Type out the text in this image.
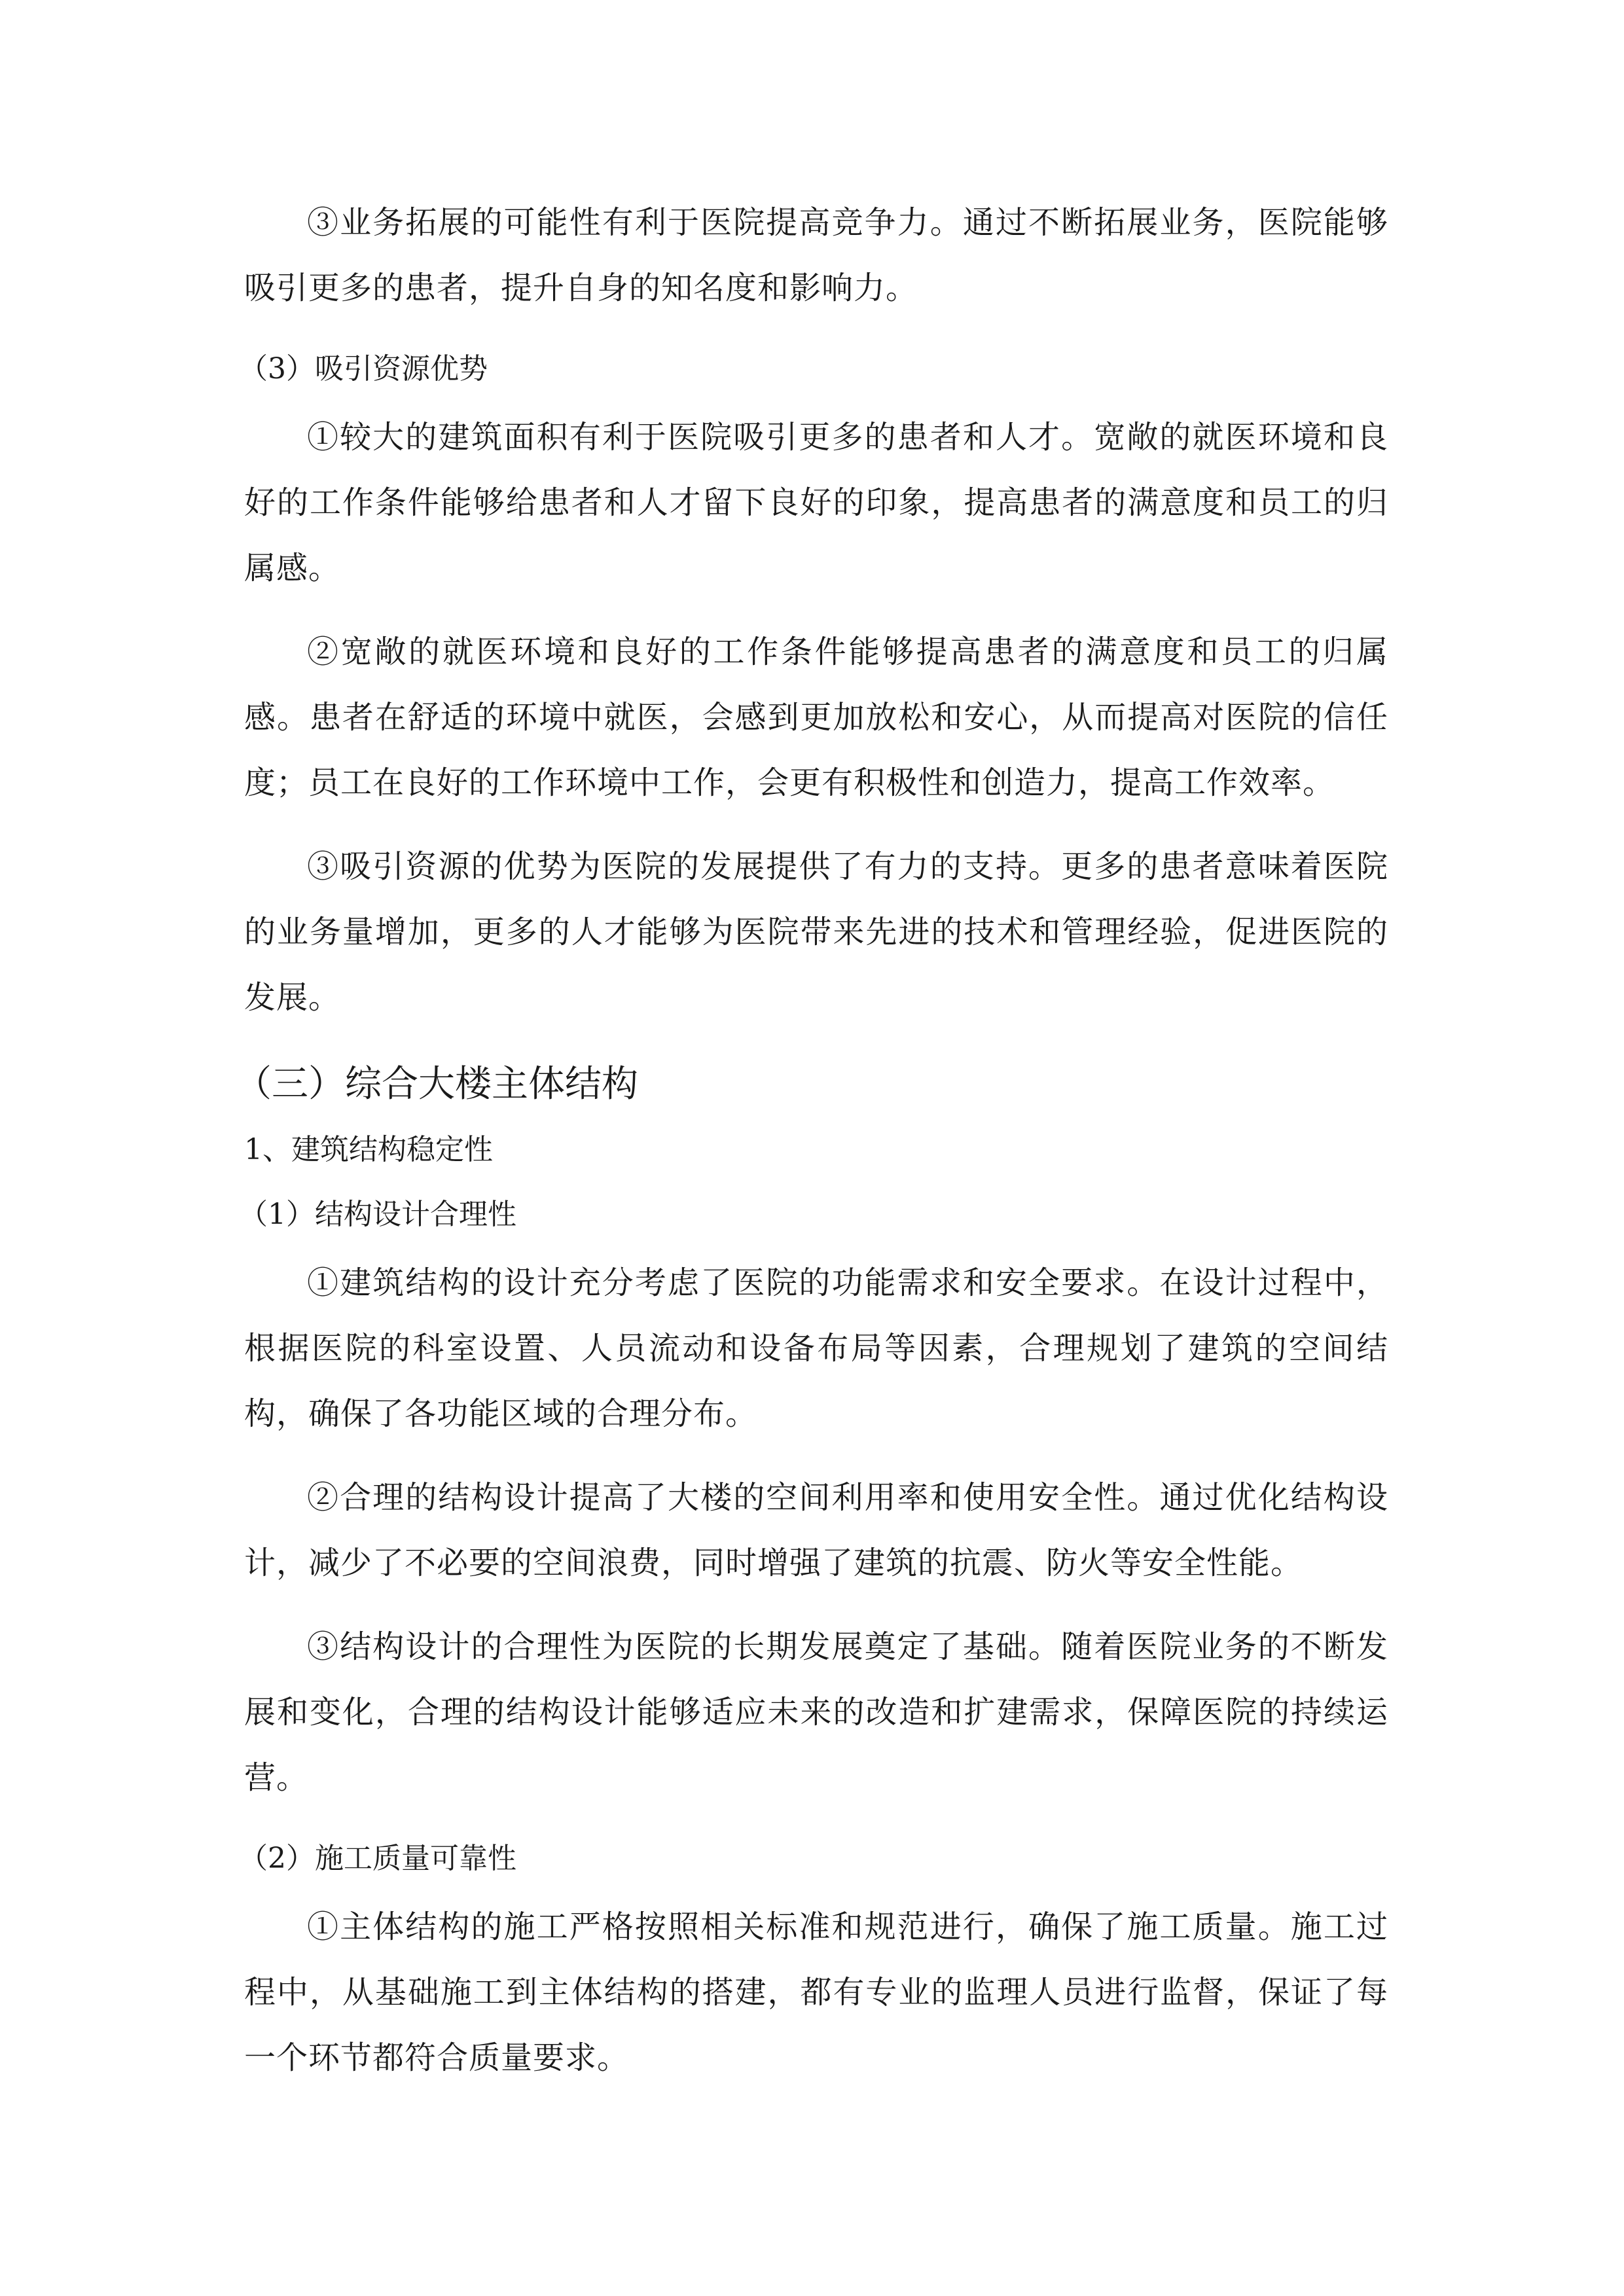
③业务拓展的可能性有利于医院提高竞争力。通过不断拓展业务，医院能够吸引更多的患者，提升自身的知名度和影响力。

（3）吸引资源优势

①较大的建筑面积有利于医院吸引更多的患者和人才。宽敞的就医环境和良好的工作条件能够给患者和人才留下良好的印象，提高患者的满意度和员工的归属感。

②宽敞的就医环境和良好的工作条件能够提高患者的满意度和员工的归属感。患者在舒适的环境中就医，会感到更加放松和安心，从而提高对医院的信任度；员工在良好的工作环境中工作，会更有积极性和创造力，提高工作效率。

③吸引资源的优势为医院的发展提供了有力的支持。更多的患者意味着医院的业务量增加，更多的人才能够为医院带来先进的技术和管理经验，促进医院的发展。

（三）综合大楼主体结构

1、建筑结构稳定性

（1）结构设计合理性

①建筑结构的设计充分考虑了医院的功能需求和安全要求。在设计过程中，根据医院的科室设置、人员流动和设备布局等因素，合理规划了建筑的空间结构，确保了各功能区域的合理分布。

②合理的结构设计提高了大楼的空间利用率和使用安全性。通过优化结构设计，减少了不必要的空间浪费，同时增强了建筑的抗震、防火等安全性能。

③结构设计的合理性为医院的长期发展奠定了基础。随着医院业务的不断发展和变化，合理的结构设计能够适应未来的改造和扩建需求，保障医院的持续运营。

（2）施工质量可靠性

①主体结构的施工严格按照相关标准和规范进行，确保了施工质量。施工过程中，从基础施工到主体结构的搭建，都有专业的监理人员进行监督，保证了每一个环节都符合质量要求。
